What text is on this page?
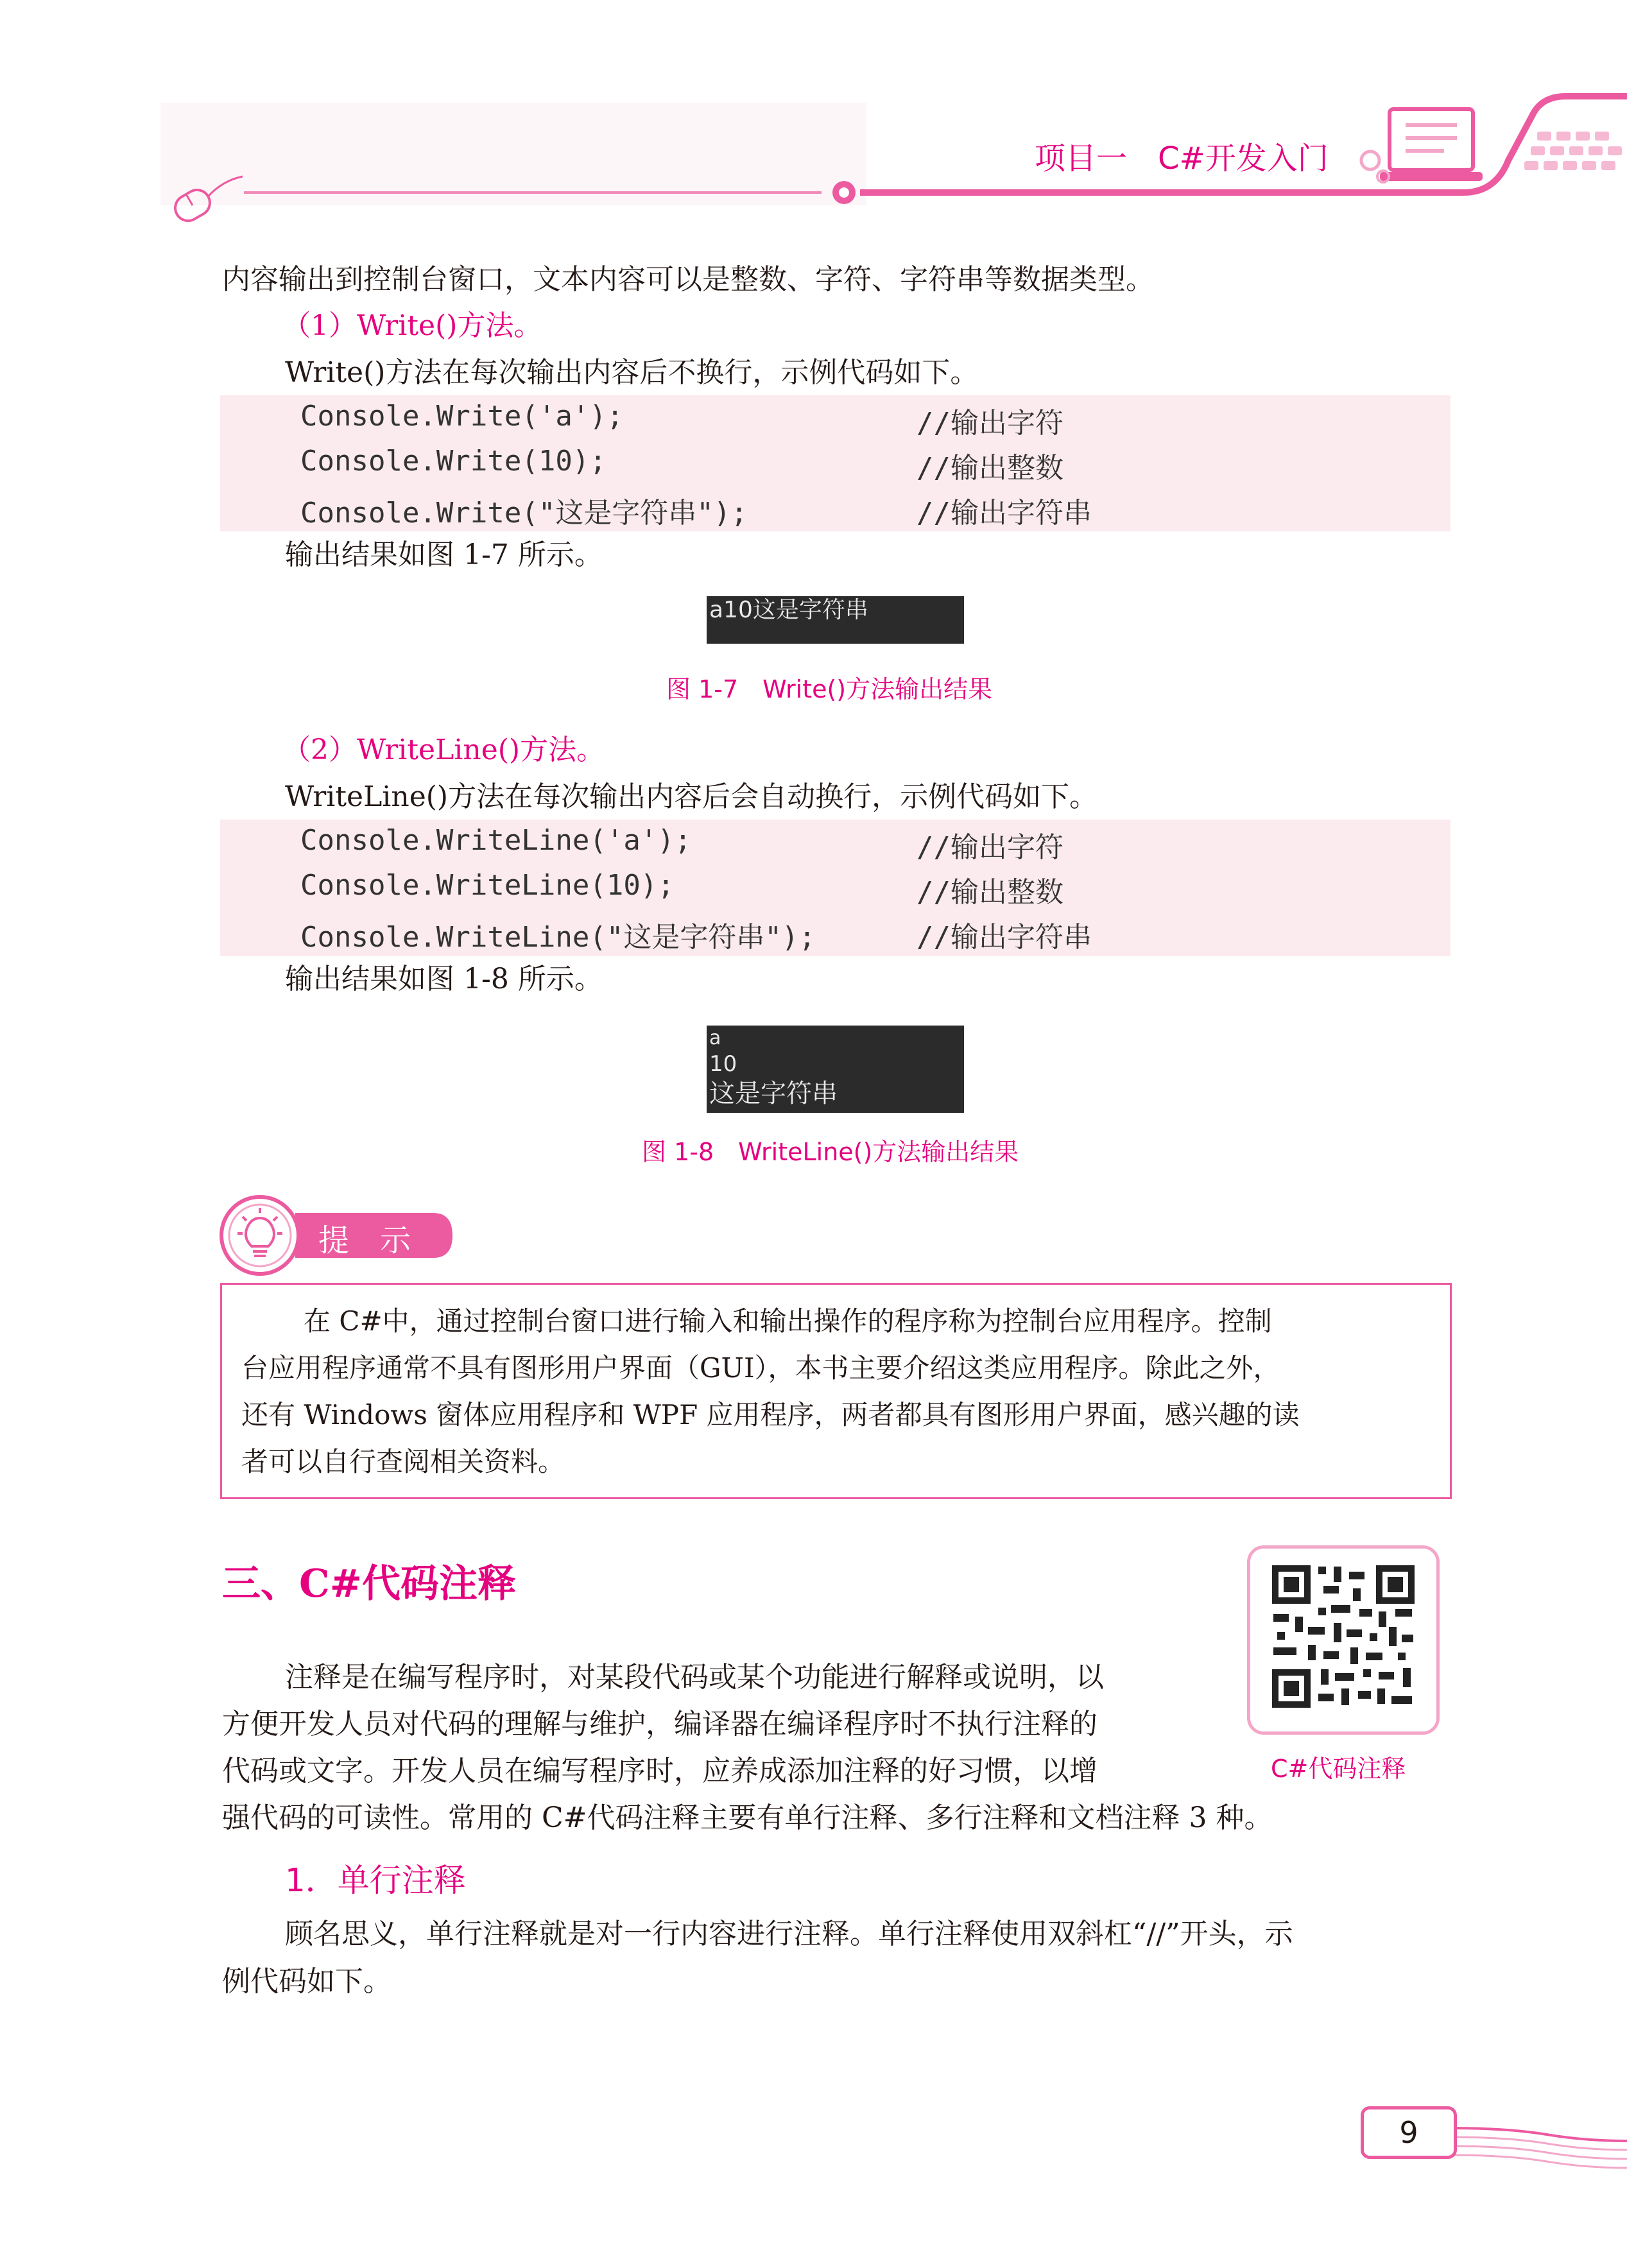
项目一　C#开发入门
内容输出到控制台窗口，文本内容可以是整数、字符、字符串等数据类型。
（1）Write()方法。
Write()方法在每次输出内容后不换行，示例代码如下。
Console.Write('a');	//输出字符
Console.Write(10);	//输出整数
Console.Write("这是字符串");	//输出字符串
输出结果如图 1-7 所示。
a10这是字符串
图 1-7　Write()方法输出结果
（2）WriteLine()方法。
WriteLine()方法在每次输出内容后会自动换行，示例代码如下。
Console.WriteLine('a');	//输出字符
Console.WriteLine(10);	//输出整数
Console.WriteLine("这是字符串");	//输出字符串
输出结果如图 1-8 所示。
a
10
这是字符串
图 1-8　WriteLine()方法输出结果
提　示
在 C#中，通过控制台窗口进行输入和输出操作的程序称为控制台应用程序。控制
台应用程序通常不具有图形用户界面（GUI），本书主要介绍这类应用程序。除此之外，
还有 Windows 窗体应用程序和 WPF 应用程序，两者都具有图形用户界面，感兴趣的读
者可以自行查阅相关资料。
三、C#代码注释
C#代码注释
注释是在编写程序时，对某段代码或某个功能进行解释或说明，以
方便开发人员对代码的理解与维护，编译器在编译程序时不执行注释的
代码或文字。开发人员在编写程序时，应养成添加注释的好习惯，以增
强代码的可读性。常用的 C#代码注释主要有单行注释、多行注释和文档注释 3 种。
1．单行注释
顾名思义，单行注释就是对一行内容进行注释。单行注释使用双斜杠“//”开头，示
例代码如下。
9
